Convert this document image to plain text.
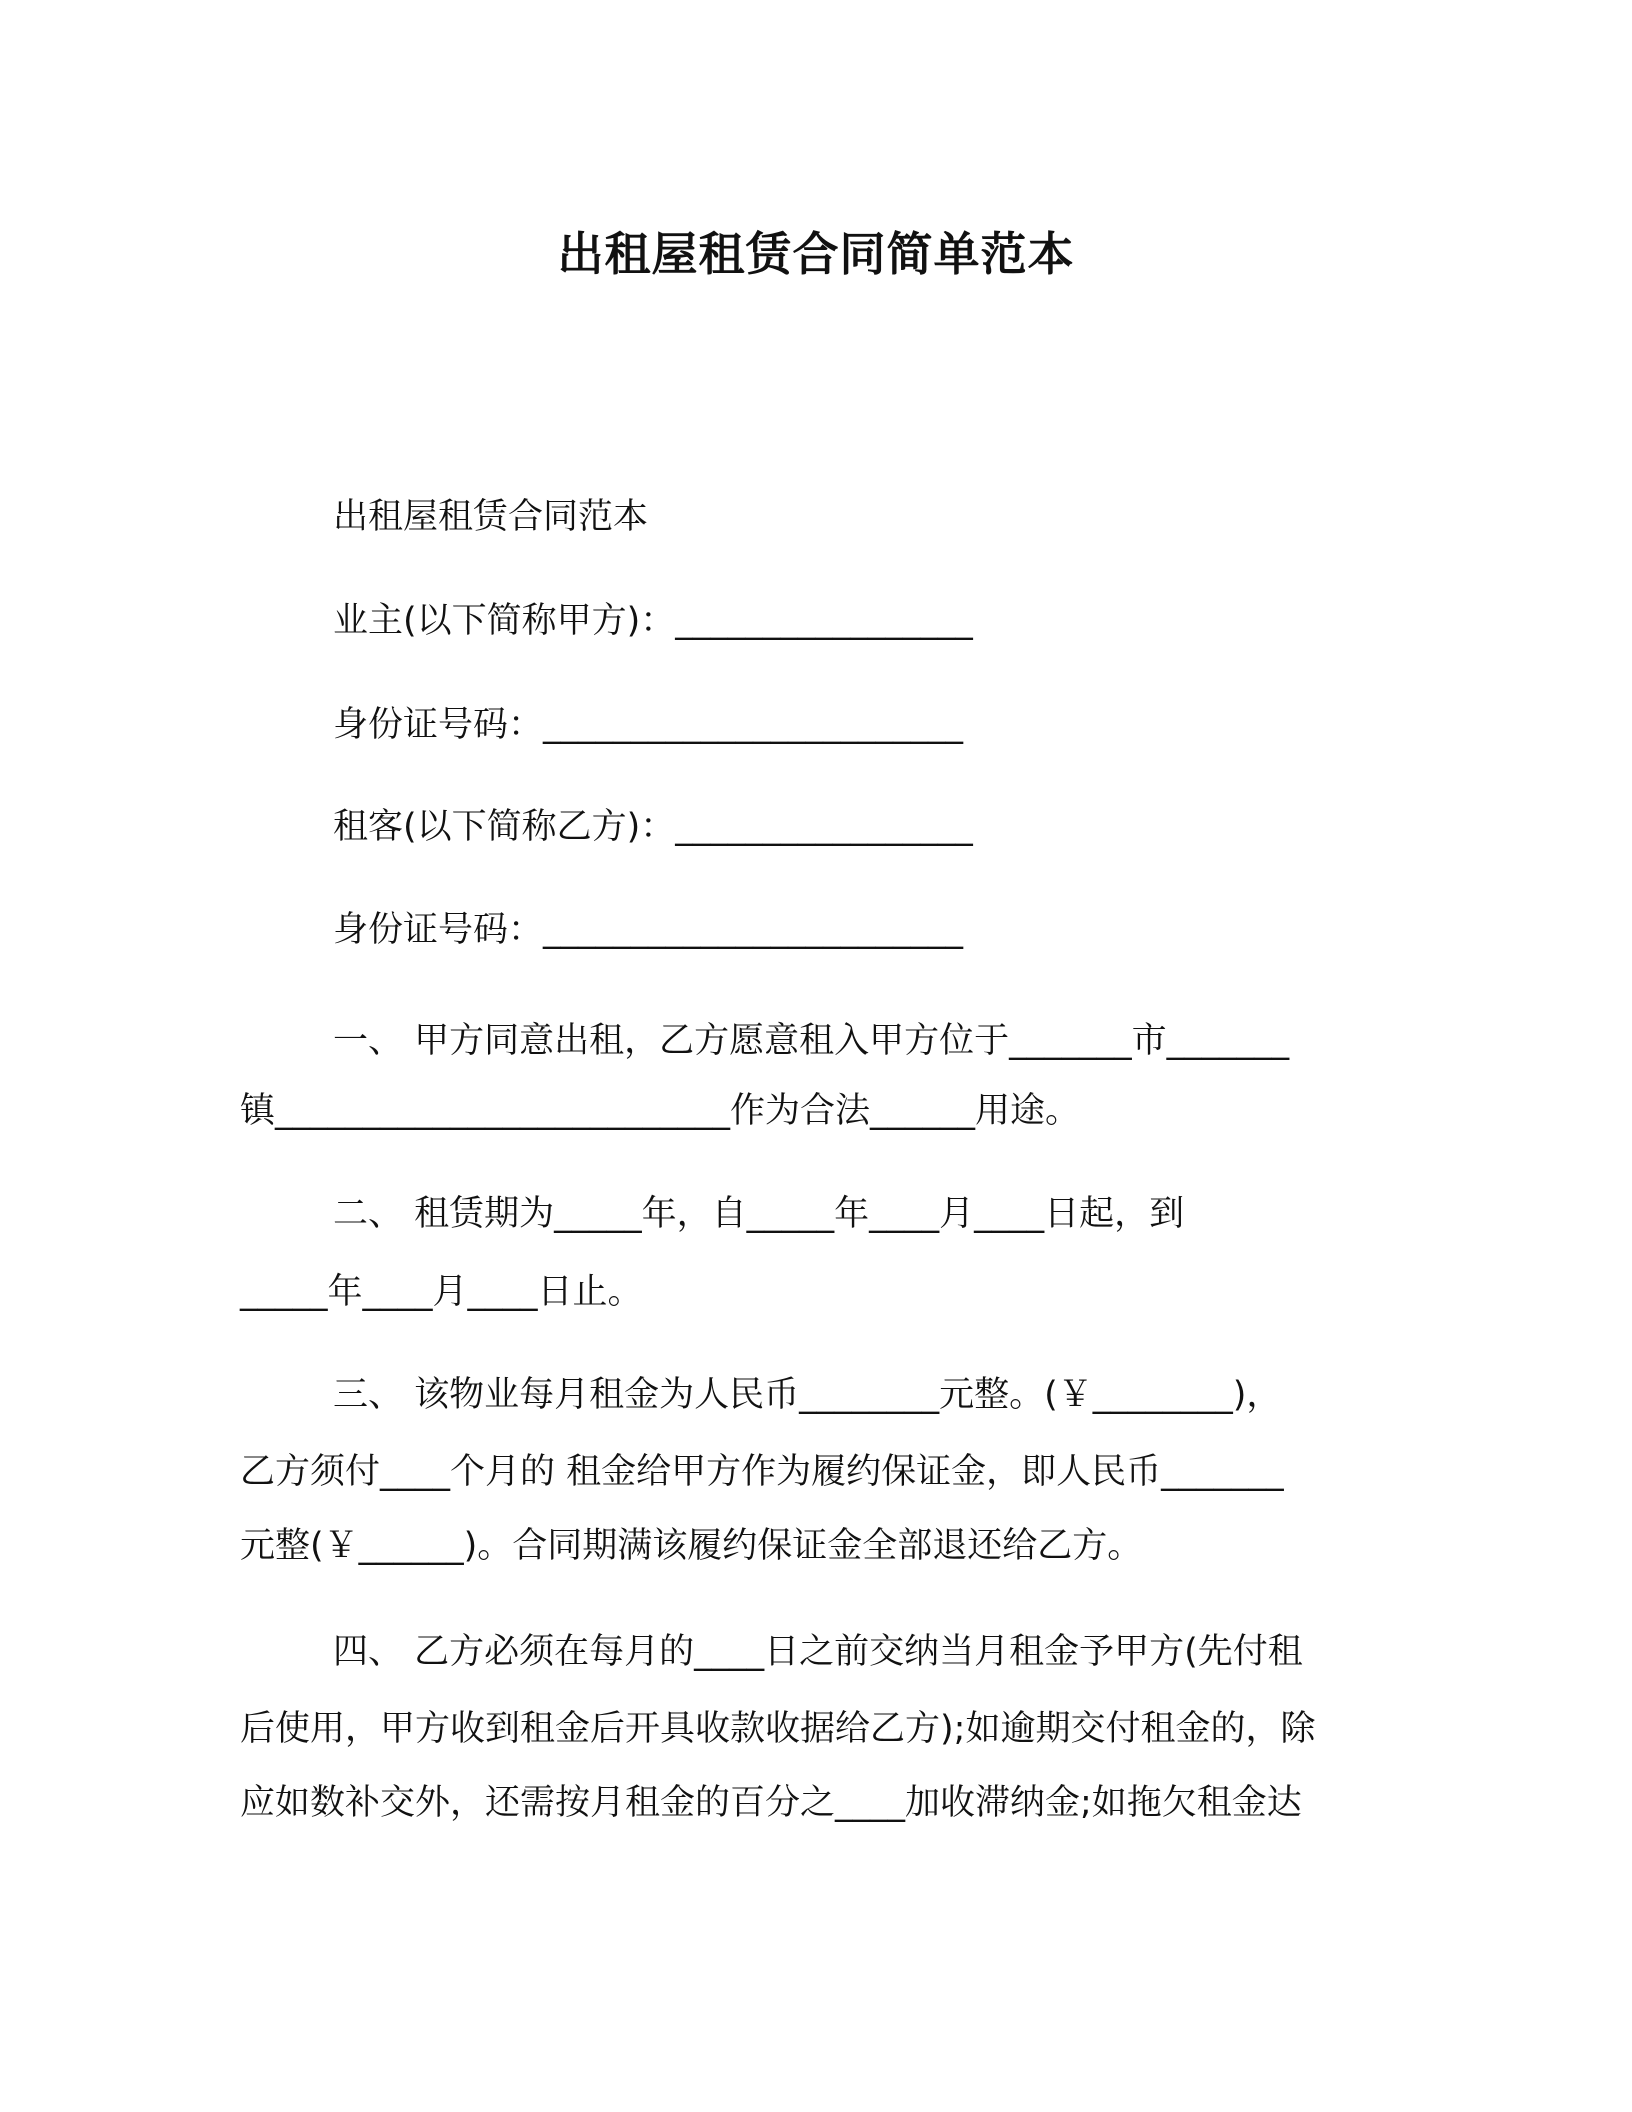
出租屋租赁合同简单范本
出租屋租赁合同范本
业主(以下简称甲方)：_________________
身份证号码：________________________
租客(以下简称乙方)：_________________
身份证号码：________________________
一、 甲方同意出租，乙方愿意租入甲方位于_______市_______
镇__________________________作为合法______用途。
二、 租赁期为_____年，自_____年____月____日起，到
_____年____月____日止。
三、 该物业每月租金为人民币________元整。(￥________)，
乙方须付____个月的 租金给甲方作为履约保证金，即人民币_______
元整(￥______)。合同期满该履约保证金全部退还给乙方。
四、 乙方必须在每月的____日之前交纳当月租金予甲方(先付租
后使用，甲方收到租金后开具收款收据给乙方);如逾期交付租金的，除
应如数补交外，还需按月租金的百分之____加收滞纳金;如拖欠租金达
